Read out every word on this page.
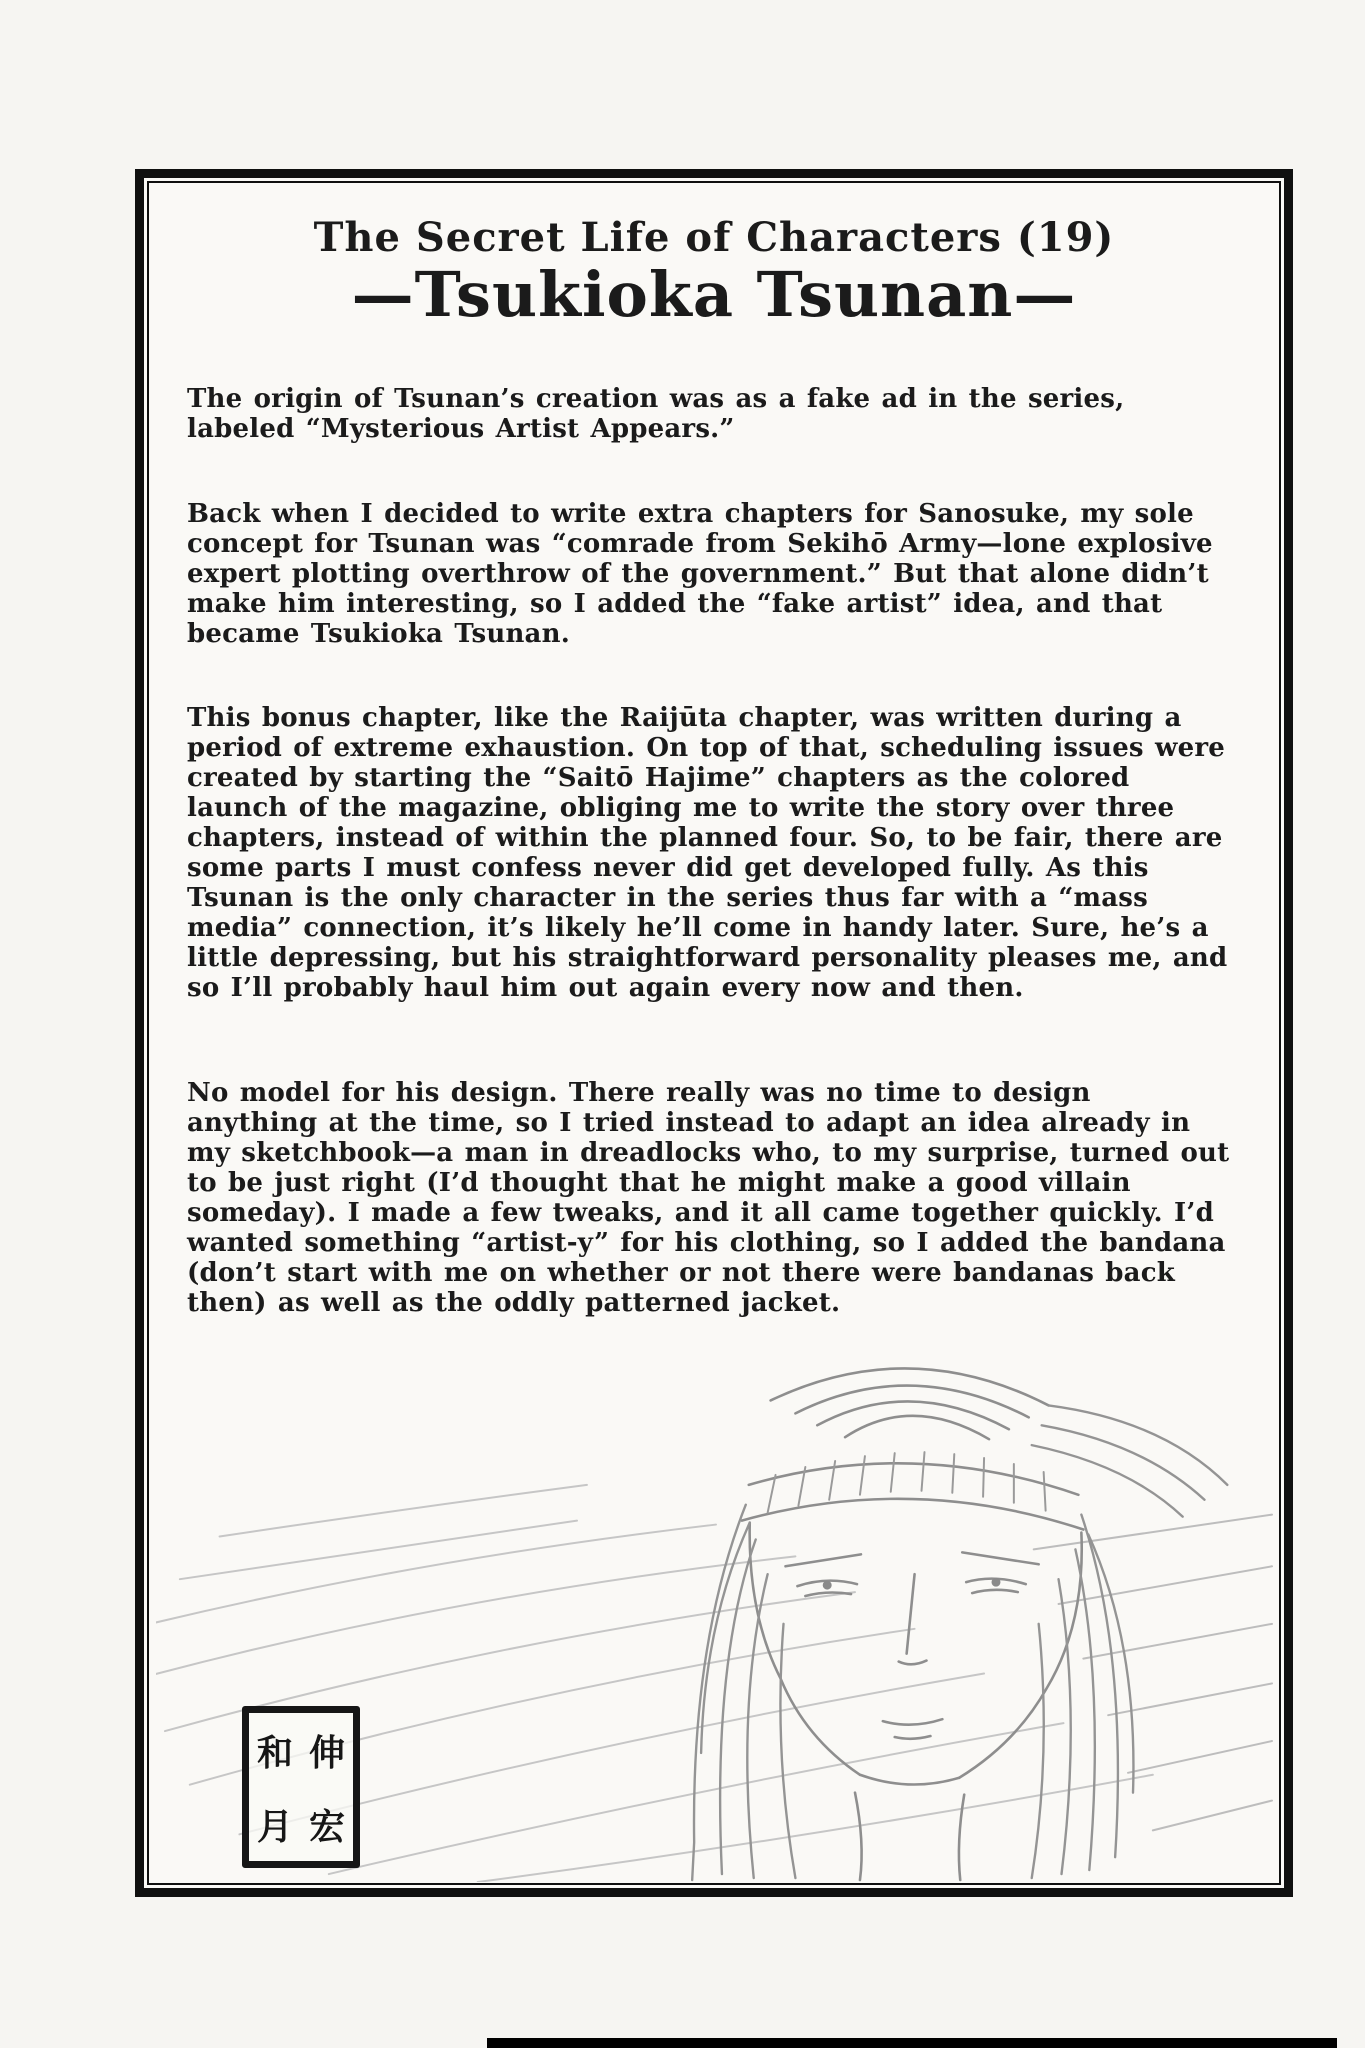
The Secret Life of Characters (19)
—Tsukioka Tsunan—

The origin of Tsunan’s creation was as a fake ad in the series, labeled “Mysterious Artist Appears.”

Back when I decided to write extra chapters for Sanosuke, my sole concept for Tsunan was “comrade from Sekihō Army—lone explosive expert plotting overthrow of the government.” But that alone didn’t make him interesting, so I added the “fake artist” idea, and that became Tsukioka Tsunan.

This bonus chapter, like the Raijūta chapter, was written during a period of extreme exhaustion. On top of that, scheduling issues were created by starting the “Saitō Hajime” chapters as the colored launch of the magazine, obliging me to write the story over three chapters, instead of within the planned four. So, to be fair, there are some parts I must confess never did get developed fully. As this Tsunan is the only character in the series thus far with a “mass media” connection, it’s likely he’ll come in handy later. Sure, he’s a little depressing, but his straightforward personality pleases me, and so I’ll probably haul him out again every now and then.

No model for his design. There really was no time to design anything at the time, so I tried instead to adapt an idea already in my sketchbook—a man in dreadlocks who, to my surprise, turned out to be just right (I’d thought that he might make a good villain someday). I made a few tweaks, and it all came together quickly. I’d wanted something “artist-y” for his clothing, so I added the bandana (don’t start with me on whether or not there were bandanas back then) as well as the oddly patterned jacket.

和 伸
月 宏
